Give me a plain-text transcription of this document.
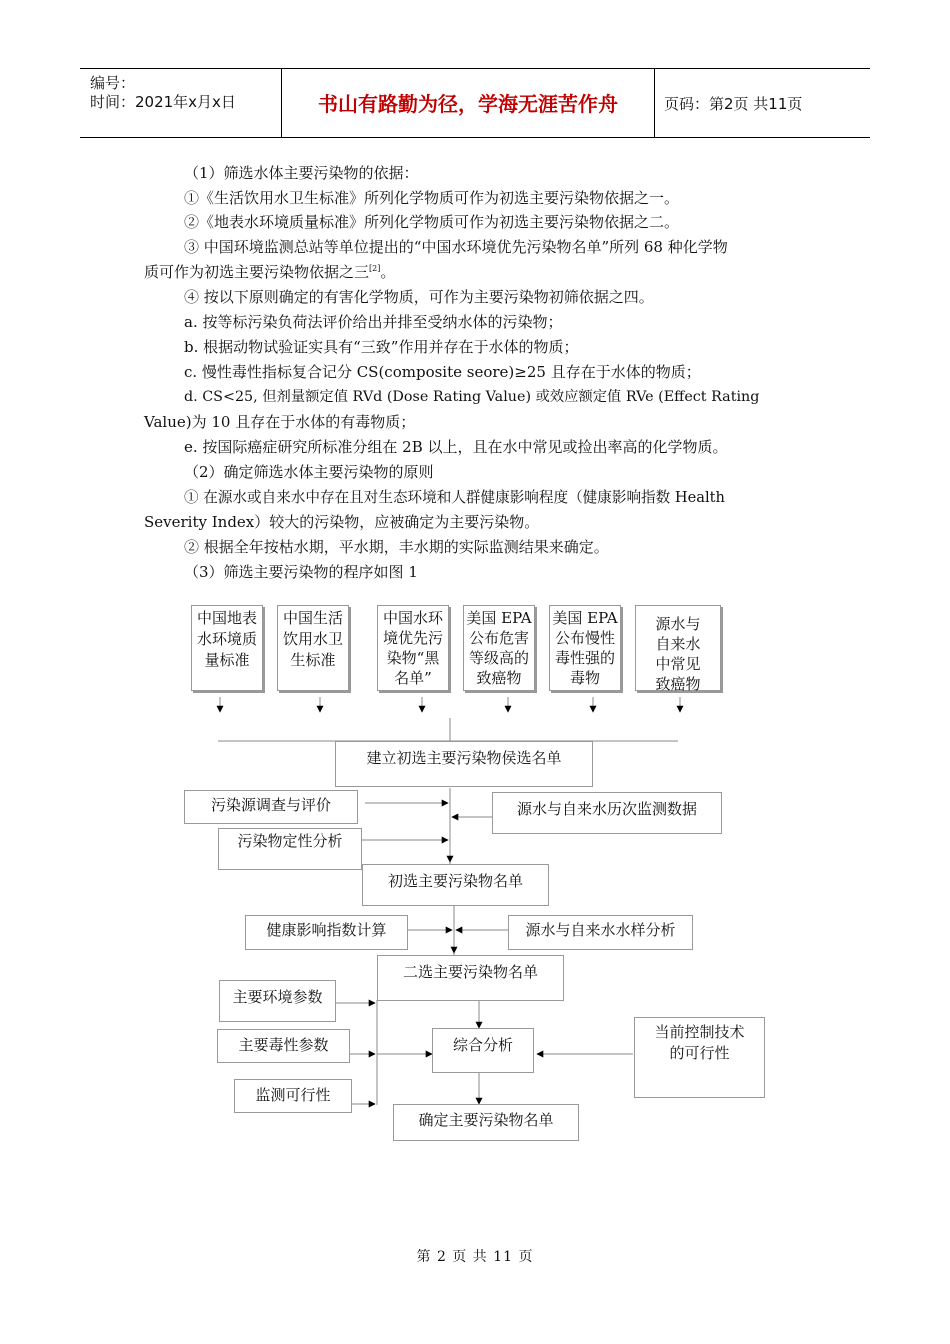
编号：
时间：2021年x月x日	书山有路勤为径，学海无涯苦作舟	页码：第2页 共11页
（1）筛选水体主要污染物的依据：
①《生活饮用水卫生标准》所列化学物质可作为初选主要污染物依据之一。
②《地表水环境质量标准》所列化学物质可作为初选主要污染物依据之二。
③ 中国环境监测总站等单位提出的“中国水环境优先污染物名单”所列 68 种化学物
质可作为初选主要污染物依据之三[2]。
④ 按以下原则确定的有害化学物质，可作为主要污染物初筛依据之四。
a. 按等标污染负荷法评价给出并排至受纳水体的污染物；
b. 根据动物试验证实具有“三致”作用并存在于水体的物质；
c. 慢性毒性指标复合记分 CS(composite seore)≥25 且存在于水体的物质；
d. CS<25, 但剂量额定值 RVd (Dose Rating Value) 或效应额定值 RVe (Effect Rating
Value)为 10 且存在于水体的有毒物质；
e. 按国际癌症研究所标准分组在 2B 以上，且在水中常见或捡出率高的化学物质。
（2）确定筛选水体主要污染物的原则
① 在源水或自来水中存在且对生态环境和人群健康影响程度（健康影响指数 Health
Severity Index）较大的污染物，应被确定为主要污染物。
② 根据全年按枯水期，平水期，丰水期的实际监测结果来确定。
（3）筛选主要污染物的程序如图 1
中国地表
水环境质
量标准
中国生活
饮用水卫
生标准
中国水环
境优先污
染物“黑
名单”
美国 EPA
公布危害
等级高的
致癌物
美国 EPA
公布慢性
毒性强的
毒物
源水与
自来水
中常见
致癌物
建立初选主要污染物侯选名单
污染源调查与评价	源水与自来水历次监测数据
污染物定性分析
初选主要污染物名单
健康影响指数计算	源水与自来水水样分析
二选主要污染物名单
主要环境参数
主要毒性参数
监测可行性
综合分析
当前控制技术
的可行性
确定主要污染物名单
第 2 页 共 11 页
